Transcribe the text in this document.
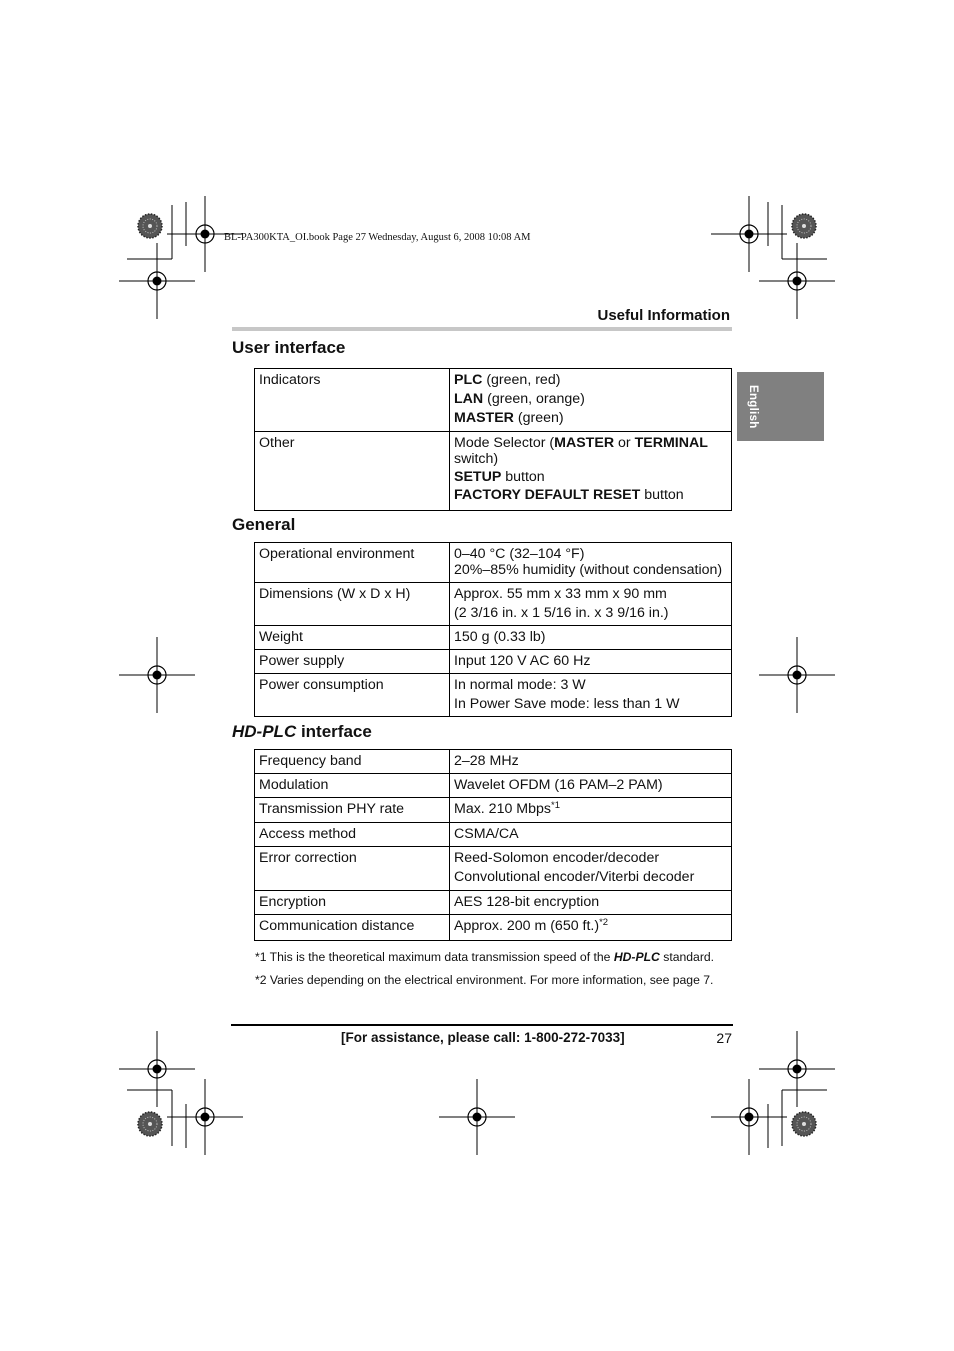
BL-PA300KTA_OI.book Page 27 Wednesday, August 6, 2008 10:08 AM
Useful Information
English
User interface
Indicators	PLC (green, red)
LAN (green, orange)
MASTER (green)

Other	Mode Selector (MASTER or TERMINAL switch)
SETUP button
FACTORY DEFAULT RESET button
General
Operational environment	0–40 °C (32–104 °F)
20%–85% humidity (without condensation)

Dimensions (W x D x H)	Approx. 55 mm x 33 mm x 90 mm
(2 3/16 in. x 1 5/16 in. x 3 9/16 in.)

Weight	150 g (0.33 lb)
Power supply	Input 120 V AC 60 Hz
Power consumption	In normal mode: 3 W
In Power Save mode: less than 1 W
HD-PLC interface
Frequency band	2–28 MHz
Modulation	Wavelet OFDM (16 PAM–2 PAM)
Transmission PHY rate	Max. 210 Mbps$^{*1}$
Access method	CSMA/CA
Error correction	Reed-Solomon encoder/decoder
Convolutional encoder/Viterbi decoder

Encryption	AES 128-bit encryption
Communication distance	Approx. 200 m (650 ft.)$^{*2}$
*1 This is the theoretical maximum data transmission speed of the HD-PLC standard.
*2 Varies depending on the electrical environment. For more information, see page 7.
[For assistance, please call: 1-800-272-7033]	27
